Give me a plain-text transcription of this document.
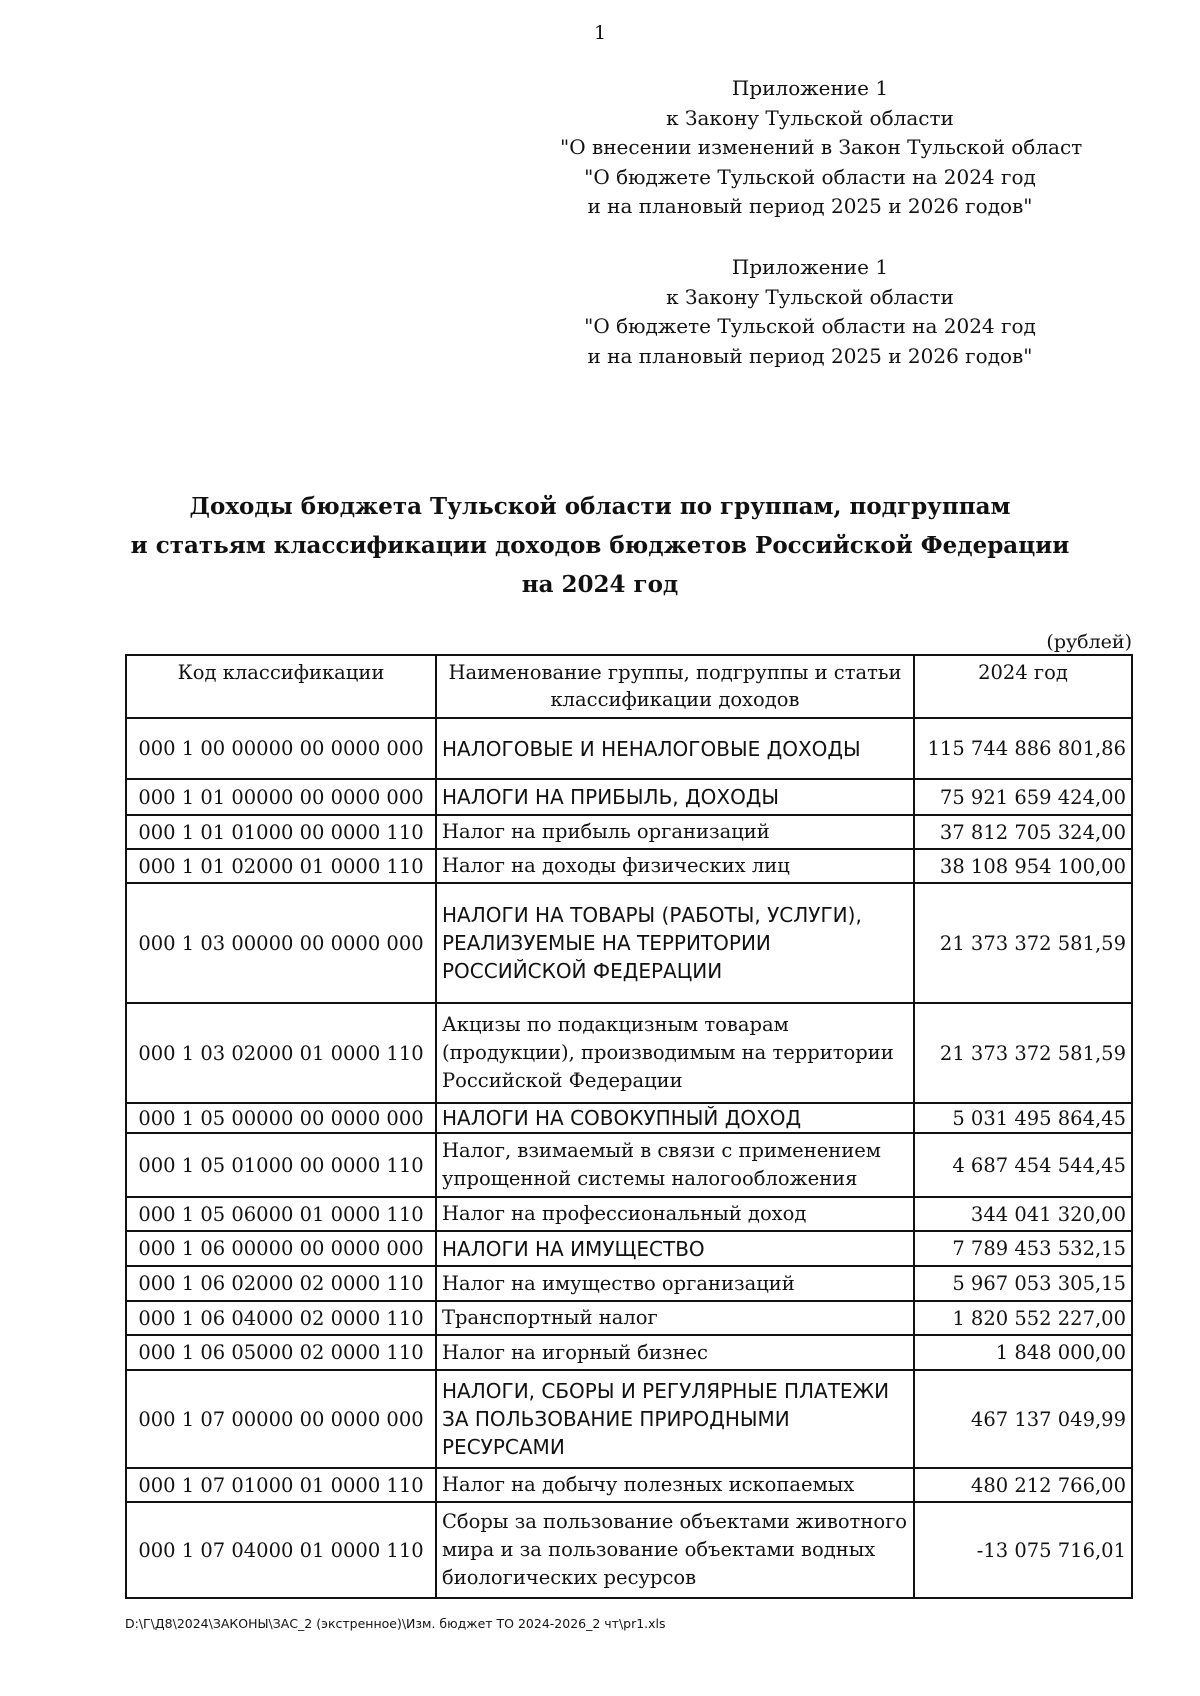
1
Приложение 1
к Закону Тульской области
"О внесении изменений в Закон Тульской област
"О бюджете Тульской области на 2024 год
и на плановый период 2025 и 2026 годов"
Приложение 1
к Закону Тульской области
"О бюджете Тульской области на 2024 год
и на плановый период 2025 и 2026 годов"
Доходы бюджета Тульской области по группам, подгруппам
и статьям классификации доходов бюджетов Российской Федерации
на 2024 год
(рублей)
Код классификации	Наименование группы, подгруппы и статьи классификации доходов	2024 год
000 1 00 00000 00 0000 000	НАЛОГОВЫЕ И НЕНАЛОГОВЫЕ ДОХОДЫ	115 744 886 801,86
000 1 01 00000 00 0000 000	НАЛОГИ НА ПРИБЫЛЬ, ДОХОДЫ	75 921 659 424,00
000 1 01 01000 00 0000 110	Налог на прибыль организаций	37 812 705 324,00
000 1 01 02000 01 0000 110	Налог на доходы физических лиц	38 108 954 100,00
000 1 03 00000 00 0000 000	НАЛОГИ НА ТОВАРЫ (РАБОТЫ, УСЛУГИ), РЕАЛИЗУЕМЫЕ НА ТЕРРИТОРИИ РОССИЙСКОЙ ФЕДЕРАЦИИ	21 373 372 581,59
000 1 03 02000 01 0000 110	Акцизы по подакцизным товарам (продукции), производимым на территории Российской Федерации	21 373 372 581,59
000 1 05 00000 00 0000 000	НАЛОГИ НА СОВОКУПНЫЙ ДОХОД	5 031 495 864,45
000 1 05 01000 00 0000 110	Налог, взимаемый в связи с применением упрощенной системы налогообложения	4 687 454 544,45
000 1 05 06000 01 0000 110	Налог на профессиональный доход	344 041 320,00
000 1 06 00000 00 0000 000	НАЛОГИ НА ИМУЩЕСТВО	7 789 453 532,15
000 1 06 02000 02 0000 110	Налог на имущество организаций	5 967 053 305,15
000 1 06 04000 02 0000 110	Транспортный налог	1 820 552 227,00
000 1 06 05000 02 0000 110	Налог на игорный бизнес	1 848 000,00
000 1 07 00000 00 0000 000	НАЛОГИ, СБОРЫ И РЕГУЛЯРНЫЕ ПЛАТЕЖИ ЗА ПОЛЬЗОВАНИЕ ПРИРОДНЫМИ РЕСУРСАМИ	467 137 049,99
000 1 07 01000 01 0000 110	Налог на добычу полезных ископаемых	480 212 766,00
000 1 07 04000 01 0000 110	Сборы за пользование объектами животного мира и за пользование объектами водных биологических ресурсов	-13 075 716,01
D:\Г\Д8\2024\ЗАКОНЫ\ЗАС_2 (экстренное)\Изм. бюджет ТО 2024-2026_2 чт\pr1.xls
